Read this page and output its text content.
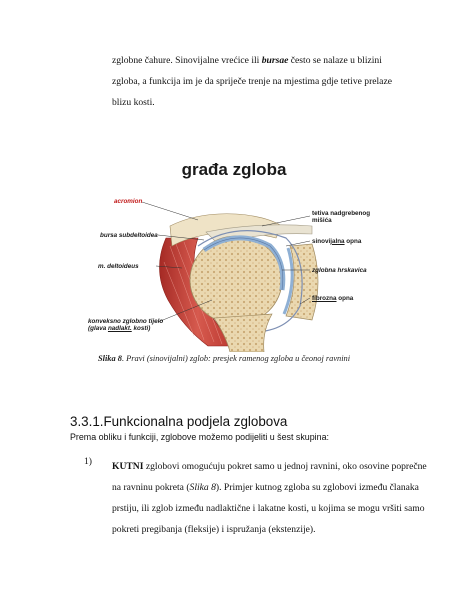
zglobne čahure. Sinovijalne vrećice ili bursae često se nalaze u blizini

zgloba, a funkcija im je da spriječe trenje na mjestima gdje tetive prelaze

blizu kosti.

građa zgloba
acromion
bursa subdeltoidea
m. deltoideus
konveksno zglobno tijelo
(glava nadlakt. kosti)
tetiva nadgrebenog
mišića
sinovijalna opna
zglobna hrskavica
fibrozna opna
Slika 8. Pravi (sinovijalni) zglob: presjek ramenog zgloba u čeonoj ravnini
3.3.1.Funkcionalna podjela zglobova
Prema obliku i funkciji, zglobove možemo podijeliti u šest skupina:
1) KUTNI zglobovi omogućuju pokret samo u jednoj ravnini, oko osovine poprečne

na ravninu pokreta (Slika 8). Primjer kutnog zgloba su zglobovi između članaka

prstiju, ili zglob između nadlaktične i lakatne kosti, u kojima se mogu vršiti samo

pokreti pregibanja (fleksije) i ispružanja (ekstenzije).
